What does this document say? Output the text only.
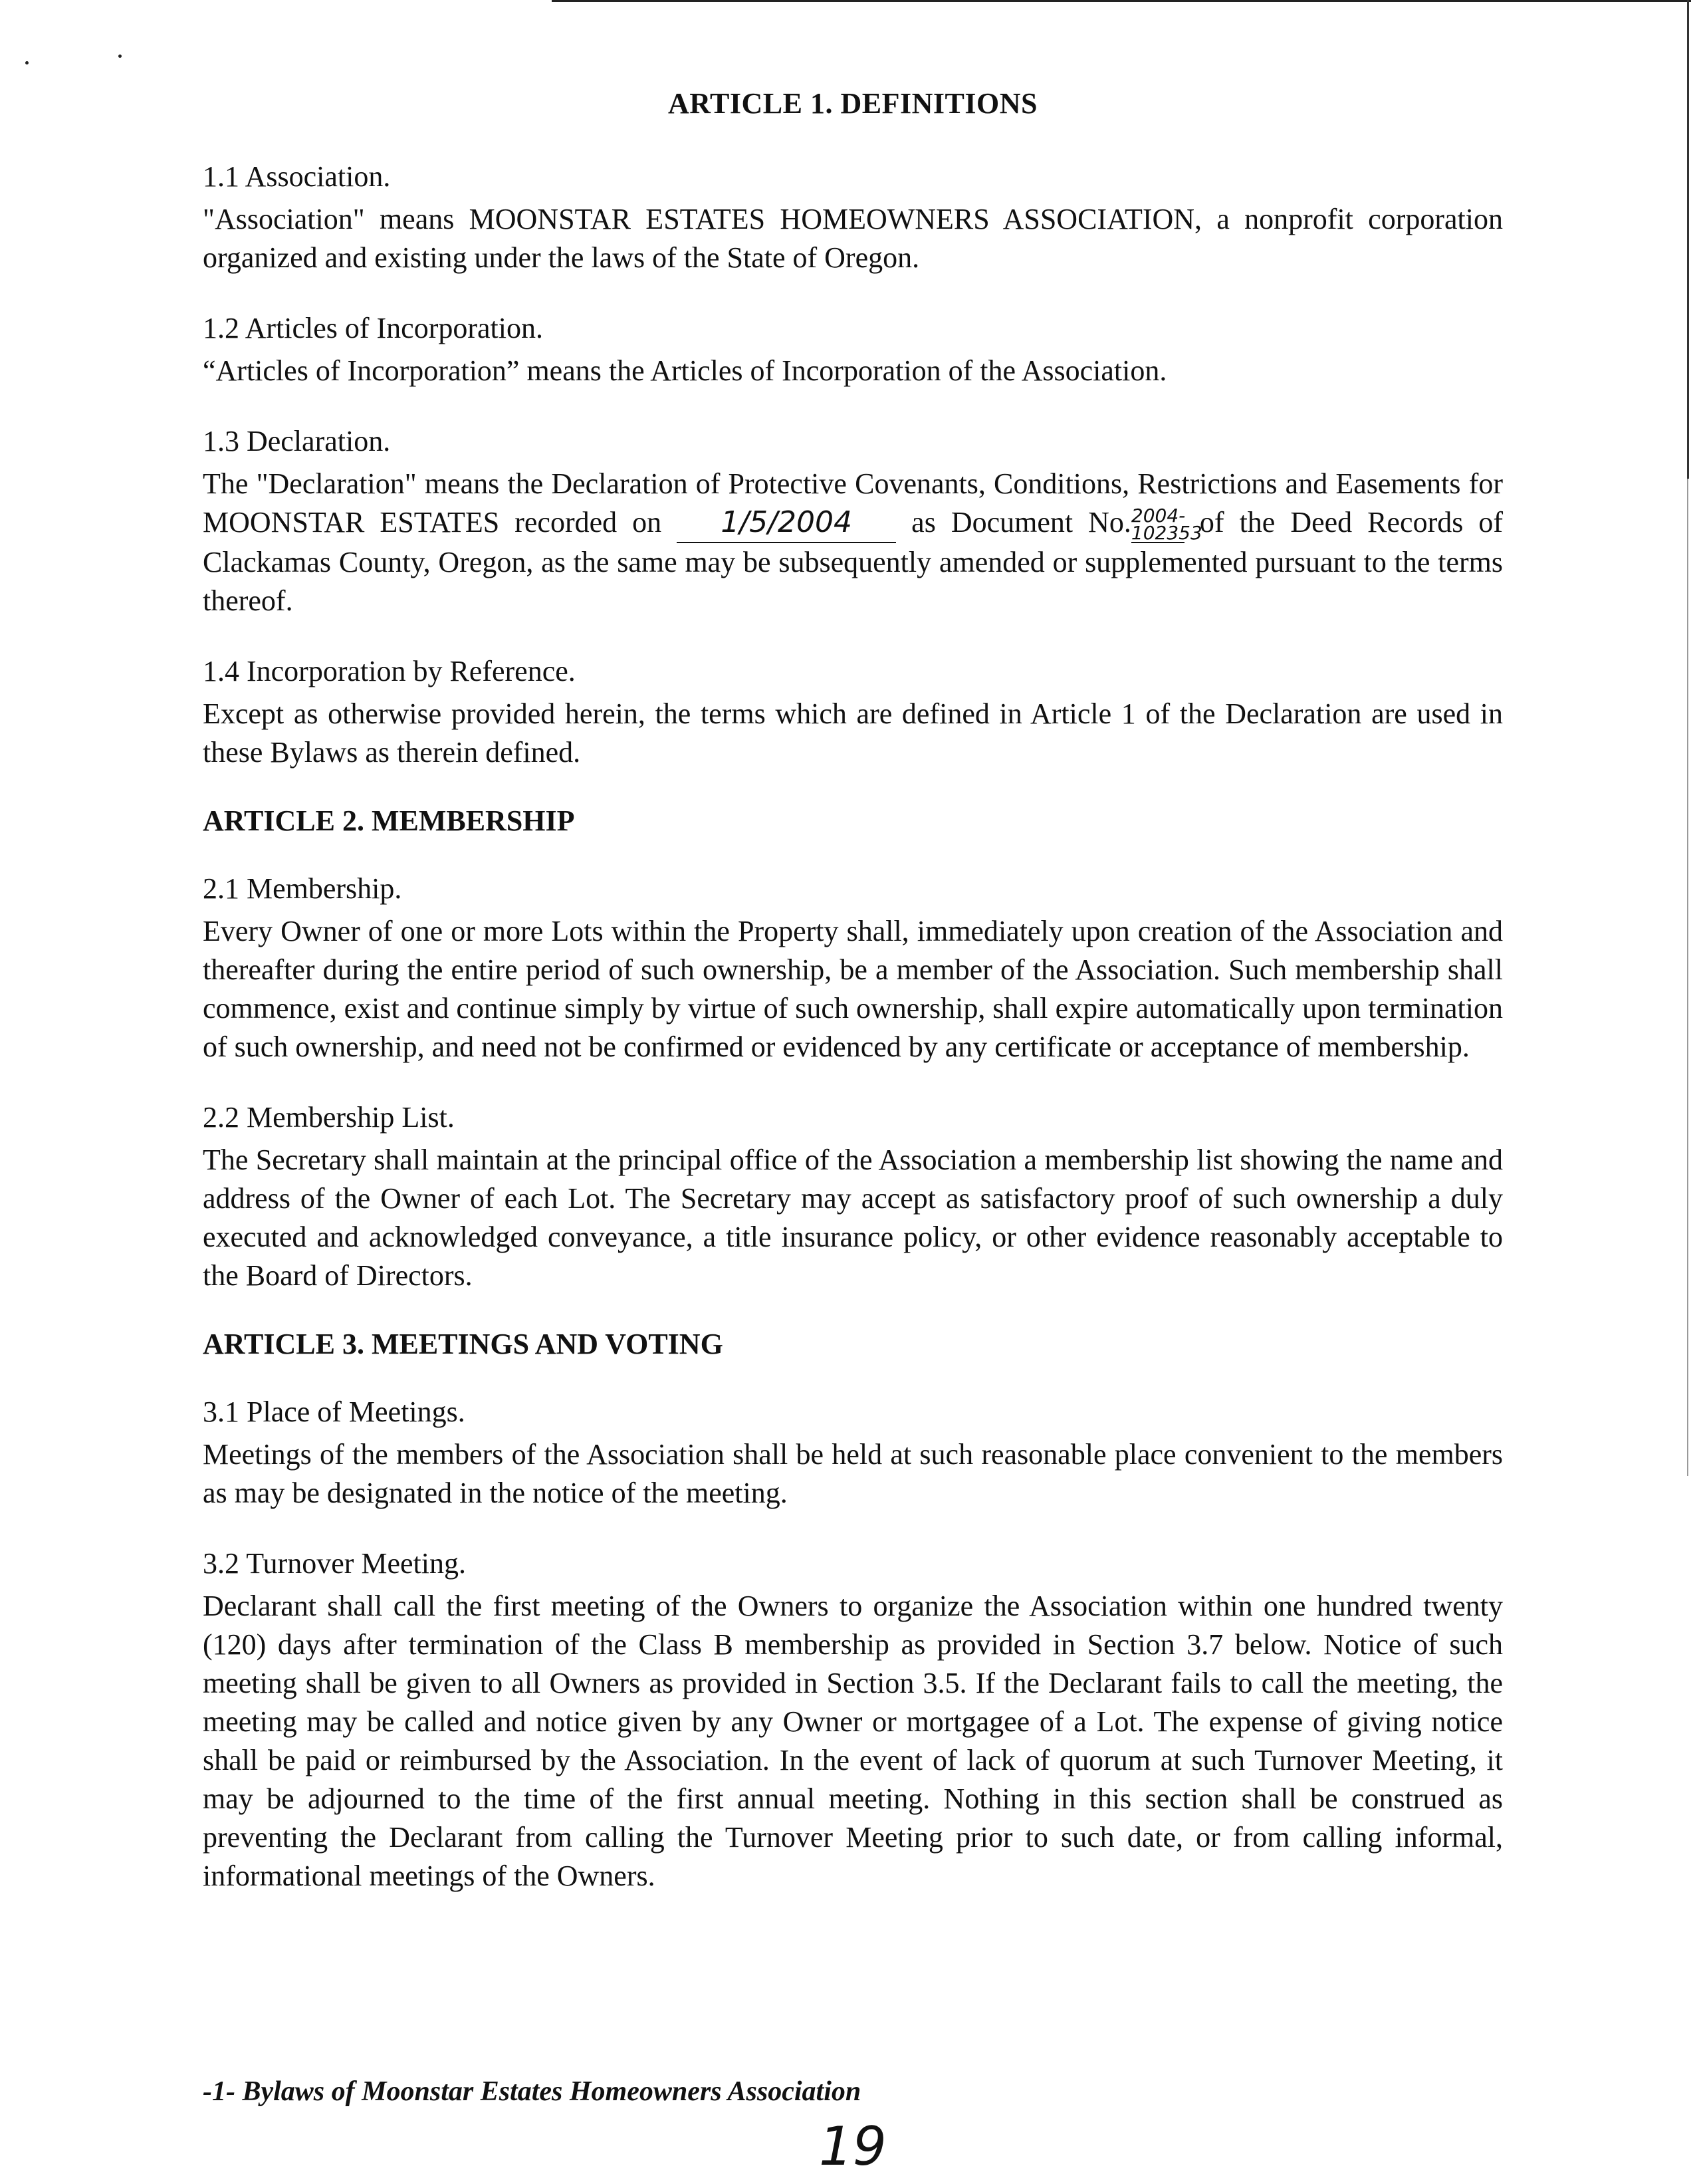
ARTICLE 1. DEFINITIONS
1.1 Association.
"Association" means MOONSTAR ESTATES HOMEOWNERS ASSOCIATION, a nonprofit corporation organized and existing under the laws of the State of Oregon.
1.2 Articles of Incorporation.
“Articles of Incorporation” means the Articles of Incorporation of the Association.
1.3 Declaration.
The "Declaration" means the Declaration of Protective Covenants, Conditions, Restrictions and Easements for MOONSTAR ESTATES recorded on 1/5/2004 as Document No.2004-102353 of the Deed Records of Clackamas County, Oregon, as the same may be subsequently amended or supplemented pursuant to the terms thereof.
1.4 Incorporation by Reference.
Except as otherwise provided herein, the terms which are defined in Article 1 of the Declaration are used in these Bylaws as therein defined.
ARTICLE 2. MEMBERSHIP
2.1 Membership.
Every Owner of one or more Lots within the Property shall, immediately upon creation of the Association and thereafter during the entire period of such ownership, be a member of the Association. Such membership shall commence, exist and continue simply by virtue of such ownership, shall expire automatically upon termination of such ownership, and need not be confirmed or evidenced by any certificate or acceptance of membership.
2.2 Membership List.
The Secretary shall maintain at the principal office of the Association a membership list showing the name and address of the Owner of each Lot. The Secretary may accept as satisfactory proof of such ownership a duly executed and acknowledged conveyance, a title insurance policy, or other evidence reasonably acceptable to the Board of Directors.
ARTICLE 3. MEETINGS AND VOTING
3.1 Place of Meetings.
Meetings of the members of the Association shall be held at such reasonable place convenient to the members as may be designated in the notice of the meeting.
3.2 Turnover Meeting.
Declarant shall call the first meeting of the Owners to organize the Association within one hundred twenty (120) days after termination of the Class B membership as provided in Section 3.7 below. Notice of such meeting shall be given to all Owners as provided in Section 3.5. If the Declarant fails to call the meeting, the meeting may be called and notice given by any Owner or mortgagee of a Lot. The expense of giving notice shall be paid or reimbursed by the Association. In the event of lack of quorum at such Turnover Meeting, it may be adjourned to the time of the first annual meeting. Nothing in this section shall be construed as preventing the Declarant from calling the Turnover Meeting prior to such date, or from calling informal, informational meetings of the Owners.
-1- Bylaws of Moonstar Estates Homeowners Association
19
